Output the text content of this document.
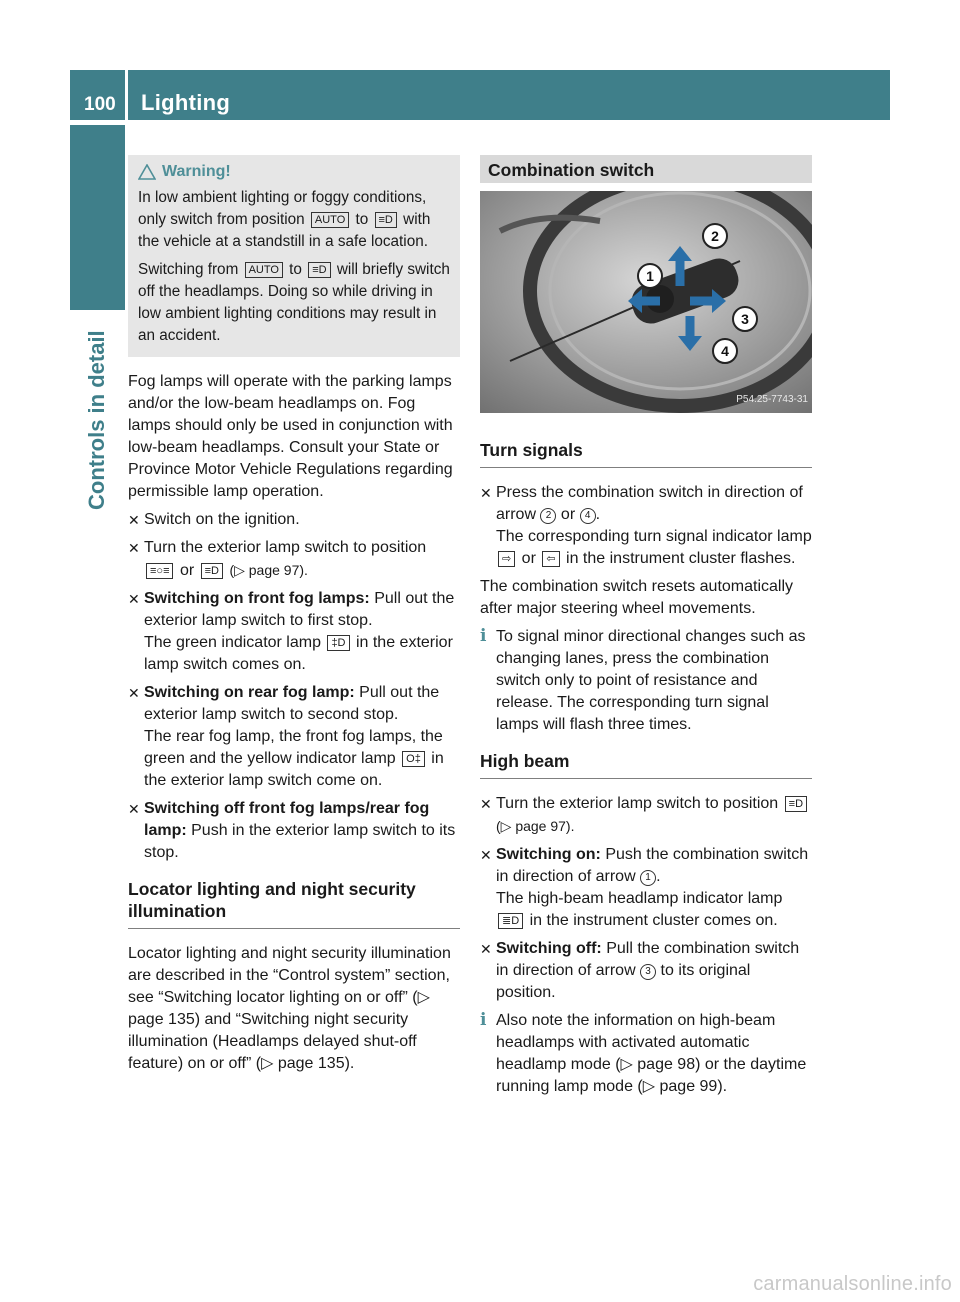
100 Lighting
Controls in detail
Warning!

In low ambient lighting or foggy conditions, only switch from position AUTO to ≡D with the vehicle at a standstill in a safe location.

Switching from AUTO to ≡D will briefly switch off the headlamps. Doing so while driving in low ambient lighting conditions may result in an accident.

Fog lamps will operate with the parking lamps and/or the low-beam headlamps on. Fog lamps should only be used in conjunction with low-beam headlamps. Consult your State or Province Motor Vehicle Regulations regarding permissible lamp operation.

✕ Switch on the ignition.
✕ Turn the exterior lamp switch to position ≡○≡ or ≡D (▷ page 97).
✕ Switching on front fog lamps: Pull out the exterior lamp switch to first stop.
The green indicator lamp ‡D in the exterior lamp switch comes on.
✕ Switching on rear fog lamp: Pull out the exterior lamp switch to second stop.
The rear fog lamp, the front fog lamps, the green and the yellow indicator lamp O‡ in the exterior lamp switch come on.
✕ Switching off front fog lamps/rear fog lamp: Push in the exterior lamp switch to its stop.
Locator lighting and night security illumination

Locator lighting and night security illumination are described in the “Control system” section, see “Switching locator lighting on or off” (▷ page 135) and “Switching night security illumination (Headlamps delayed shut-off feature) on or off” (▷ page 135).

Combination switch
1
2
3
4
P54.25-7743-31
Turn signals
✕ Press the combination switch in direction of arrow 2 or 4 .
The corresponding turn signal indicator lamp ⇨ or ⇦ in the instrument cluster flashes.

The combination switch resets automatically after major steering wheel movements.

i To signal minor directional changes such as changing lanes, press the combination switch only to point of resistance and release. The corresponding turn signal lamps will flash three times.
High beam
✕ Turn the exterior lamp switch to position ≡D (▷ page 97).
✕ Switching on: Push the combination switch in direction of arrow 1 .
The high-beam headlamp indicator lamp ≣D in the instrument cluster comes on.
✕ Switching off: Pull the combination switch in direction of arrow 3 to its original position.
i Also note the information on high-beam headlamps with activated automatic headlamp mode (▷ page 98) or the daytime running lamp mode (▷ page 99).
carmanualsonline.info
